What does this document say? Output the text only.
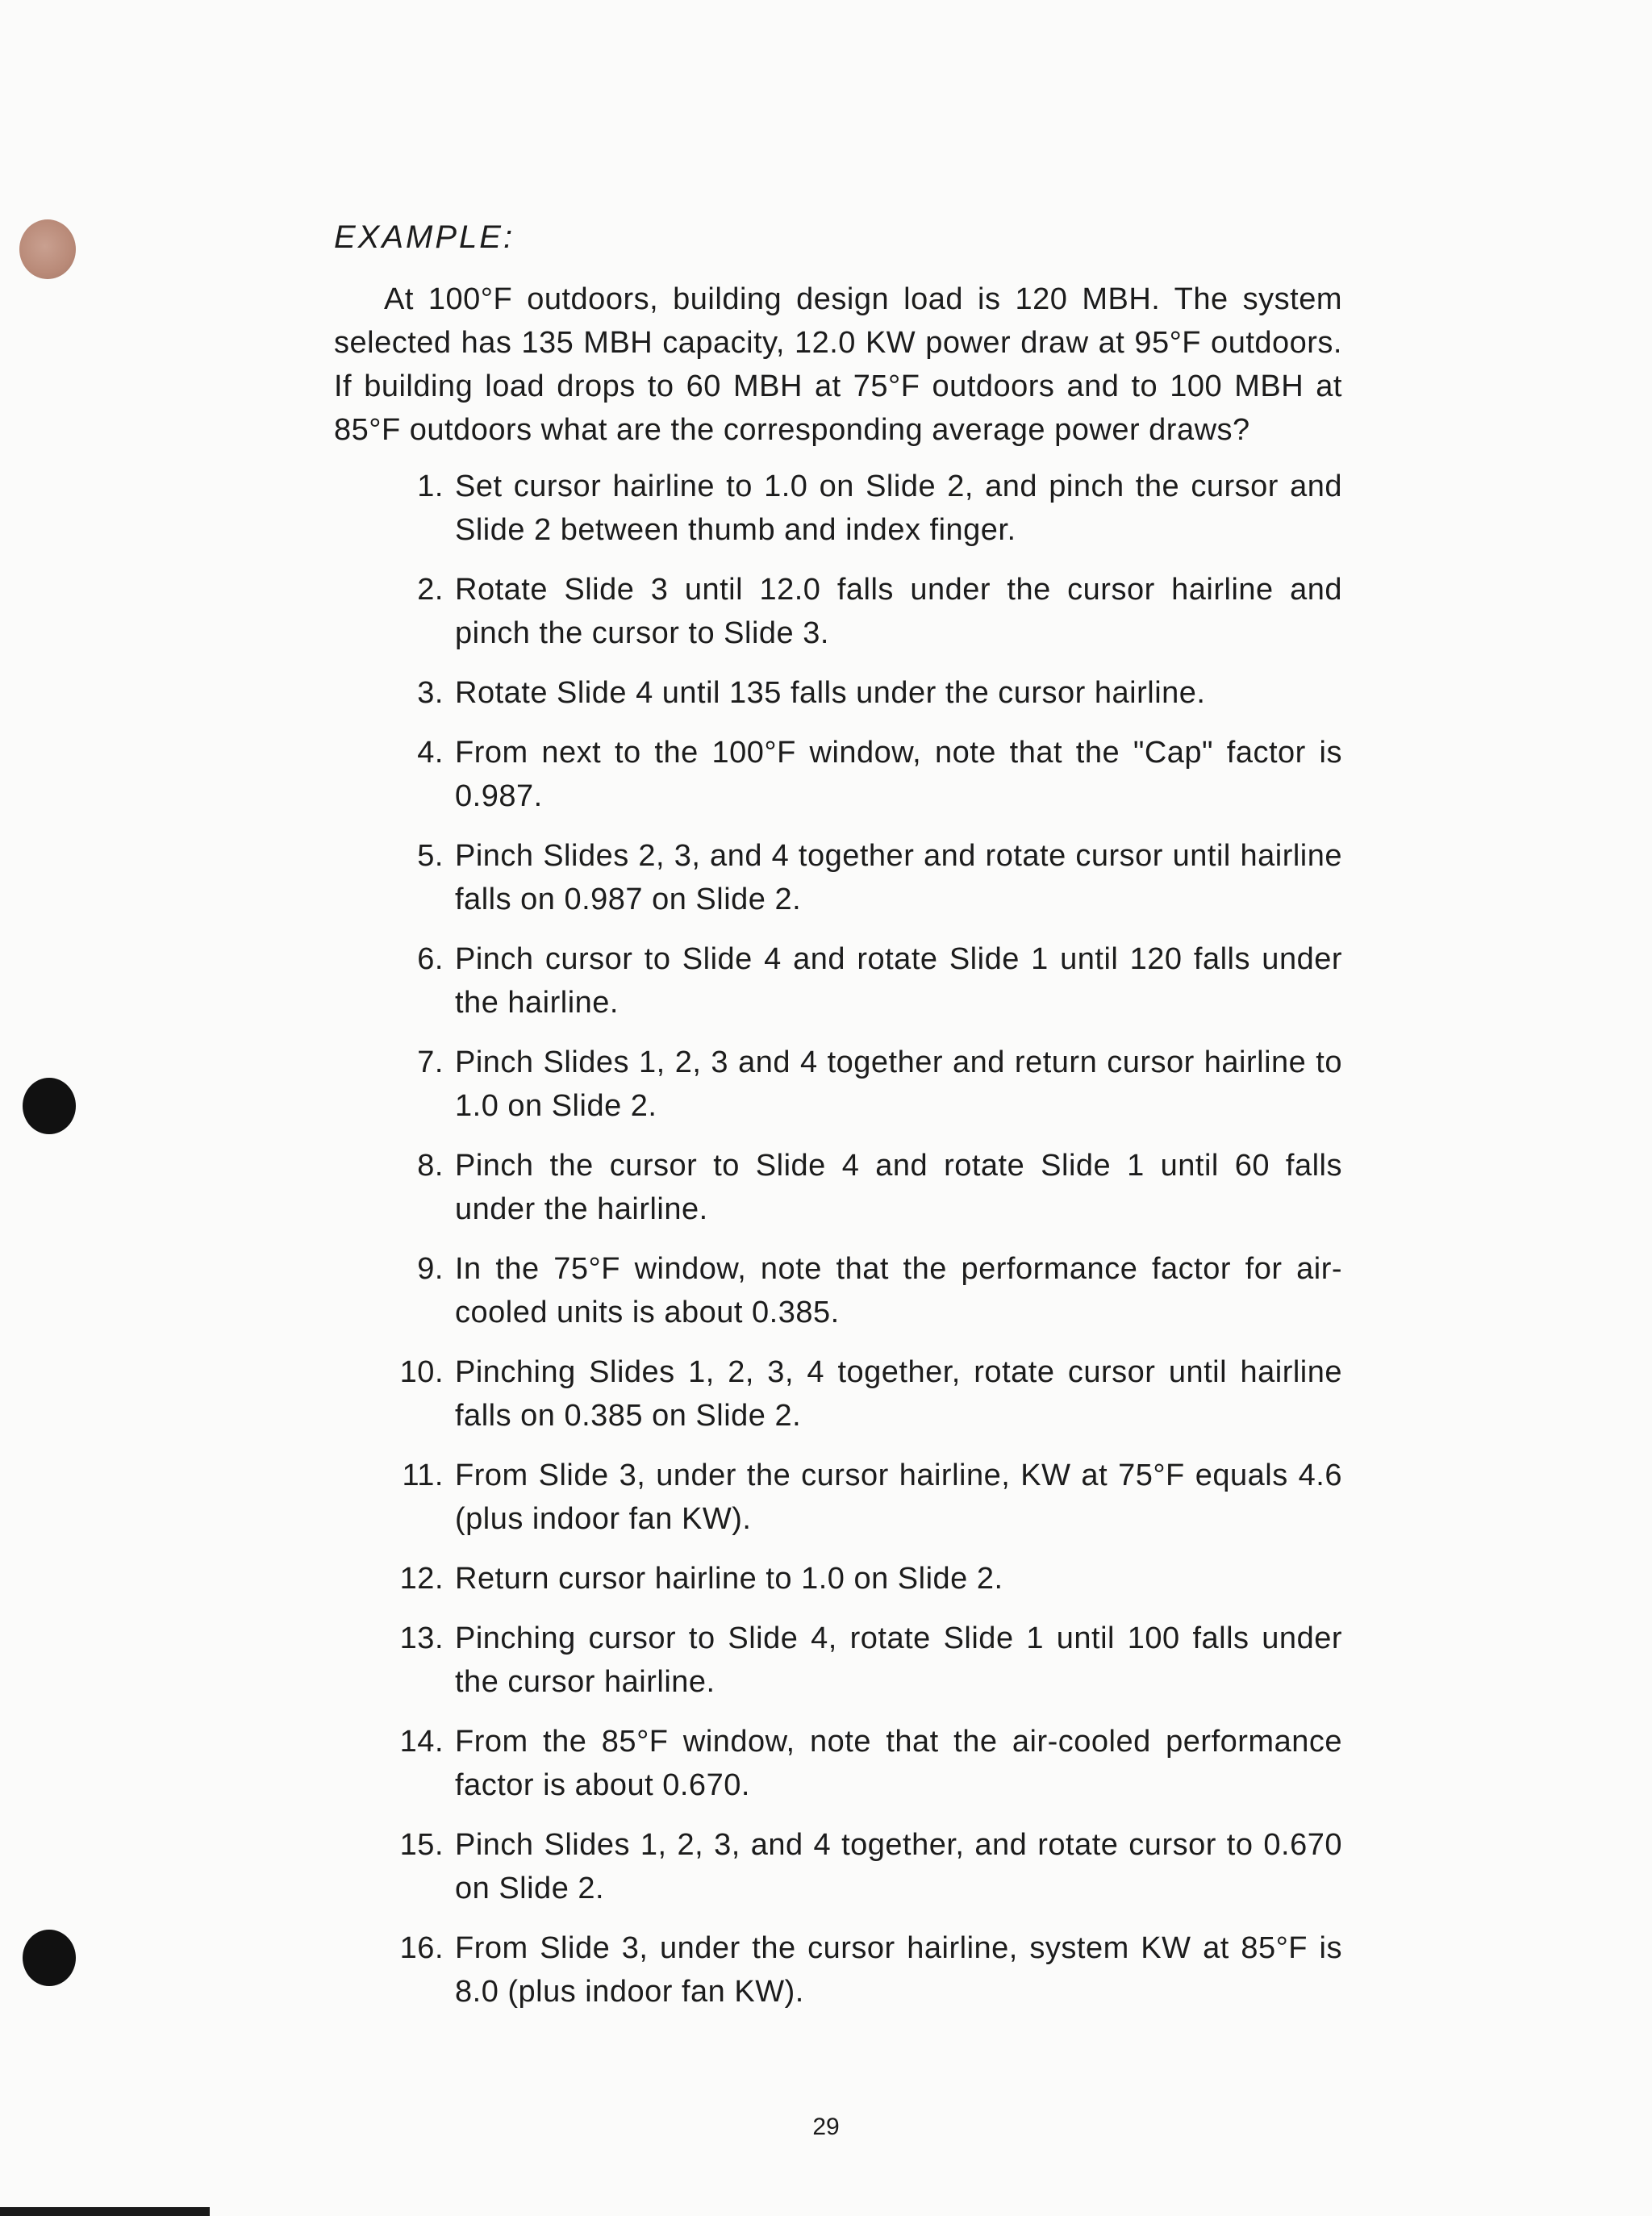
EXAMPLE:

At 100°F outdoors, building design load is 120 MBH. The system selected has 135 MBH capacity, 12.0 KW power draw at 95°F outdoors. If building load drops to 60 MBH at 75°F outdoors and to 100 MBH at 85°F outdoors what are the corresponding average power draws?

1. Set cursor hairline to 1.0 on Slide 2, and pinch the cursor and Slide 2 between thumb and index finger.
2. Rotate Slide 3 until 12.0 falls under the cursor hairline and pinch the cursor to Slide 3.
3. Rotate Slide 4 until 135 falls under the cursor hairline.
4. From next to the 100°F window, note that the "Cap" factor is 0.987.
5. Pinch Slides 2, 3, and 4 together and rotate cursor until hairline falls on 0.987 on Slide 2.
6. Pinch cursor to Slide 4 and rotate Slide 1 until 120 falls under the hairline.
7. Pinch Slides 1, 2, 3 and 4 together and return cursor hairline to 1.0 on Slide 2.
8. Pinch the cursor to Slide 4 and rotate Slide 1 until 60 falls under the hairline.
9. In the 75°F window, note that the performance factor for air-cooled units is about 0.385.
10. Pinching Slides 1, 2, 3, 4 together, rotate cursor until hairline falls on 0.385 on Slide 2.
11. From Slide 3, under the cursor hairline, KW at 75°F equals 4.6 (plus indoor fan KW).
12. Return cursor hairline to 1.0 on Slide 2.
13. Pinching cursor to Slide 4, rotate Slide 1 until 100 falls under the cursor hairline.
14. From the 85°F window, note that the air-cooled performance factor is about 0.670.
15. Pinch Slides 1, 2, 3, and 4 together, and rotate cursor to 0.670 on Slide 2.
16. From Slide 3, under the cursor hairline, system KW at 85°F is 8.0 (plus indoor fan KW).
29
